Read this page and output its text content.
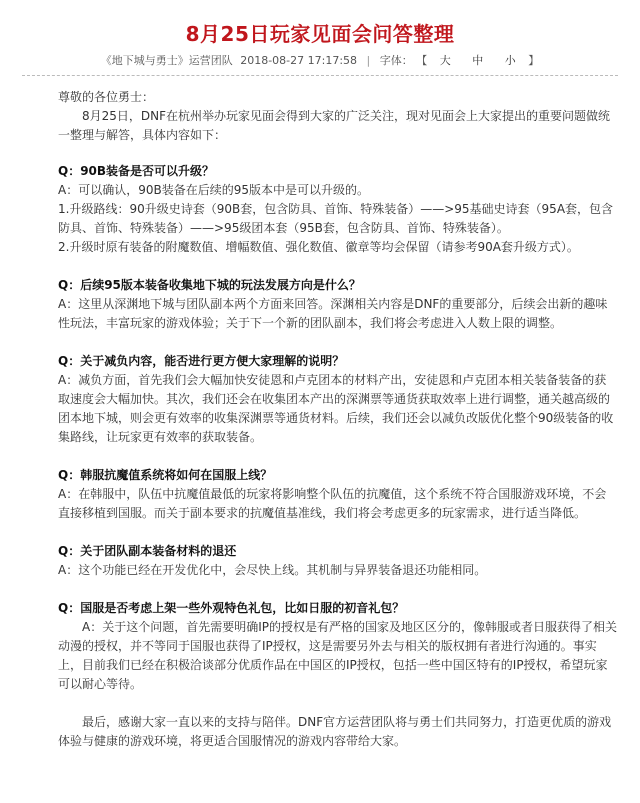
8月25日玩家见面会问答整理
《地下城与勇士》运营团队 2018-08-27 17:17:58 | 字体： 【 大 中 小 】

尊敬的各位勇士：

8月25日，DNF在杭州举办玩家见面会得到大家的广泛关注，现对见面会上大家提出的重要问题做统一整理与解答，具体内容如下：

Q：90B装备是否可以升级？

A：可以确认，90B装备在后续的95版本中是可以升级的。

1.升级路线：90升级史诗套（90B套，包含防具、首饰、特殊装备）——>95基础史诗套（95A套，包含防具、首饰、特殊装备）——>95级团本套（95B套，包含防具、首饰、特殊装备）。

2.升级时原有装备的附魔数值、增幅数值、强化数值、徽章等均会保留（请参考90A套升级方式）。

Q：后续95版本装备收集地下城的玩法发展方向是什么？

A：这里从深渊地下城与团队副本两个方面来回答。深渊相关内容是DNF的重要部分，后续会出新的趣味性玩法，丰富玩家的游戏体验；关于下一个新的团队副本，我们将会考虑进入人数上限的调整。

Q：关于减负内容，能否进行更方便大家理解的说明？

A：减负方面，首先我们会大幅加快安徒恩和卢克团本的材料产出，安徒恩和卢克团本相关装备装备的获取速度会大幅加快。其次，我们还会在收集团本产出的深渊票等通货获取效率上进行调整，通关越高级的团本地下城，则会更有效率的收集深渊票等通货材料。后续，我们还会以减负改版优化整个90级装备的收集路线，让玩家更有效率的获取装备。

Q：韩服抗魔值系统将如何在国服上线？

A：在韩服中，队伍中抗魔值最低的玩家将影响整个队伍的抗魔值，这个系统不符合国服游戏环境，不会直接移植到国服。而关于副本要求的抗魔值基准线，我们将会考虑更多的玩家需求，进行适当降低。

Q：关于团队副本装备材料的退还

A：这个功能已经在开发优化中，会尽快上线。其机制与异界装备退还功能相同。

Q：国服是否考虑上架一些外观特色礼包，比如日服的初音礼包？

A：关于这个问题，首先需要明确IP的授权是有严格的国家及地区区分的，像韩服或者日服获得了相关动漫的授权，并不等同于国服也获得了IP授权，这是需要另外去与相关的版权拥有者进行沟通的。事实上，目前我们已经在积极洽谈部分优质作品在中国区的IP授权，包括一些中国区特有的IP授权，希望玩家可以耐心等待。

最后，感谢大家一直以来的支持与陪伴。DNF官方运营团队将与勇士们共同努力，打造更优质的游戏体验与健康的游戏环境，将更适合国服情况的游戏内容带给大家。
